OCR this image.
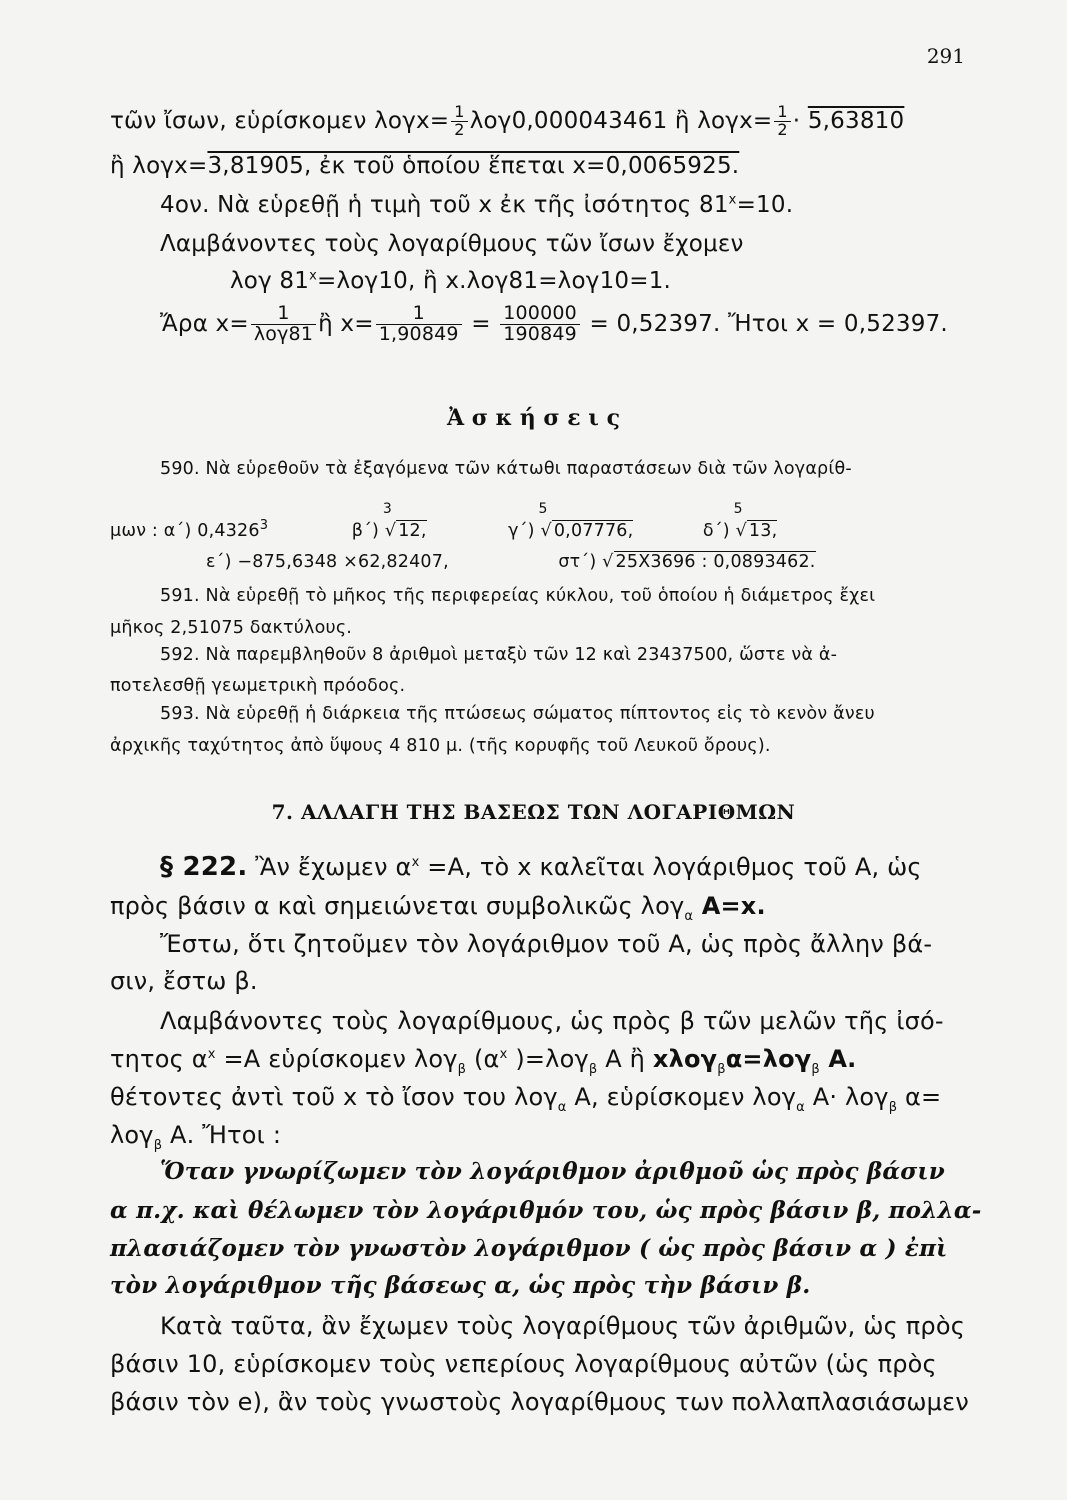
291
τῶν ἴσων, εὑρίσκομεν $\lambda o\gamma x= \frac{1}{2} \lambda o\gamma 0,000043461$ ἢ $\lambda o\gamma x= \frac{1}{2} \cdot 5,63810$
ἢ λογx=3,81905, ἐκ τοῦ ὁποίου ἕπεται x=0,0065925.
4ον. Νὰ εὑρεθῇ ἡ τιμὴ τοῦ x ἐκ τῆς ἰσότητος $81^x=10$.
Λαμβάνοντες τοὺς λογαρίθμους τῶν ἴσων ἔχομεν
λογ $81^x=\lambda o\gamma 10$, ἢ x.λογ81=λογ10=1.
Ἄρα $x= \frac{1}{\text{λογ81}}$ ἢ $x= \frac{1}{1,90849} = \frac{100000}{190849} = 0,52397$. Ἤτοι x = 0,52397.
Ἀ σ κ ή σ ε ι ς
590. Νὰ εὑρεθοῦν τὰ ἐξαγόμενα τῶν κάτωθι παραστάσεων διὰ τῶν λογαρίθ-
μων : α΄) 0,4326$^3$	β΄)
3
√ 12,	γ΄)
5
√ 0,07776,	δ΄)
5
√ 13,
ε΄) −875,6348 ×62,82407,	στ΄) √ 25X3696 : 0,0893462.
591. Νὰ εὑρεθῇ τὸ μῆκος τῆς περιφερείας κύκλου, τοῦ ὁποίου ἡ διάμετρος ἔχει
μῆκος 2,51075 δακτύλους.
592. Νὰ παρεμβληθοῦν 8 ἀριθμοὶ μεταξὺ τῶν 12 καὶ 23437500, ὥστε νὰ ἀ-
ποτελεσθῇ γεωμετρικὴ πρόοδος.
593. Νὰ εὑρεθῇ ἡ διάρκεια τῆς πτώσεως σώματος πίπτοντος εἰς τὸ κενὸν ἄνευ
ἀρχικῆς ταχύτητος ἀπὸ ὕψους 4 810 μ. (τῆς κορυφῆς τοῦ Λευκοῦ ὄρους).
7. ΑΛΛΑΓΗ ΤΗΣ ΒΑΣΕΩΣ ΤΩΝ ΛΟΓΑΡΙΘΜΩΝ
§ 222. Ἂν ἔχωμεν $\alpha^x =A$, τὸ x καλεῖται λογάριθμος τοῦ Α, ὡς
πρὸς βάσιν α καὶ σημειώνεται συμβολικῶς λογ$_\alpha$ Α=x.
Ἔστω, ὅτι ζητοῦμεν τὸν λογάριθμον τοῦ Α, ὡς πρὸς ἄλλην βά-
σιν, ἔστω β.
Λαμβάνοντες τοὺς λογαρίθμους, ὡς πρὸς β τῶν μελῶν τῆς ἰσό-
τητος $\alpha^x =A$ εὑρίσκομεν λογ$_\beta$ ($\alpha^x$ )=λογ$_\beta$ Α ἢ xλογ$_\beta$α=λογ$_\beta$ Α.
θέτοντες ἀντὶ τοῦ x τὸ ἴσον του λογ$_\alpha$ Α, εὑρίσκομεν λογ$_\alpha$ Α· λογ$_\beta$ α=
λογ$_\beta$ Α. Ἤτοι :
Ὅταν γνωρίζωμεν τὸν λογάριθμον ἀριθμοῦ ὡς πρὸς βάσιν
α π.χ. καὶ θέλωμεν τὸν λογάριθμόν του, ὡς πρὸς βάσιν β, πολλα-
πλασιάζομεν τὸν γνωστὸν λογάριθμον ( ὡς πρὸς βάσιν α ) ἐπὶ
τὸν λογάριθμον τῆς βάσεως α, ὡς πρὸς τὴν βάσιν β.
Κατὰ ταῦτα, ἂν ἔχωμεν τοὺς λογαρίθμους τῶν ἀριθμῶν, ὡς πρὸς
βάσιν 10, εὑρίσκομεν τοὺς νεπερίους λογαρίθμους αὐτῶν (ὡς πρὸς
βάσιν τὸν e), ἂν τοὺς γνωστοὺς λογαρίθμους των πολλαπλασιάσωμεν
